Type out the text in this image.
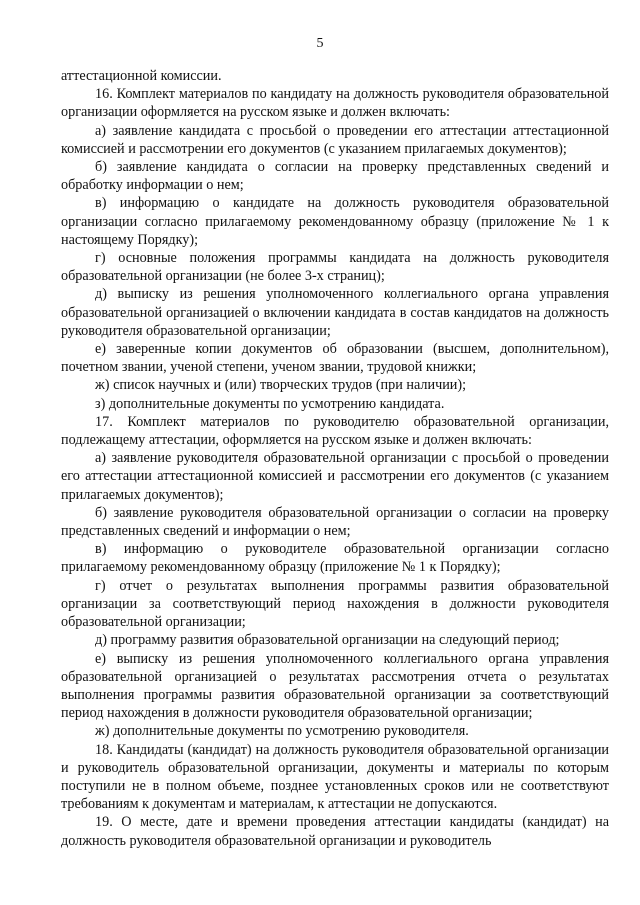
5

аттестационной комиссии.

16. Комплект материалов по кандидату на должность руководителя образовательной организации оформляется на русском языке и должен включать:

а) заявление кандидата с просьбой о проведении его аттестации аттестационной комиссией и рассмотрении его документов (с указанием прилагаемых документов);

б) заявление кандидата о согласии на проверку представленных сведений и обработку информации о нем;

в) информацию о кандидате на должность руководителя образовательной организации согласно прилагаемому рекомендованному образцу (приложение № 1 к настоящему Порядку);

г) основные положения программы кандидата на должность руководителя образовательной организации (не более 3-х страниц);

д) выписку из решения уполномоченного коллегиального органа управления образовательной организацией о включении кандидата в состав кандидатов на должность руководителя образовательной организации;

е) заверенные копии документов об образовании (высшем, дополнительном), почетном звании, ученой степени, ученом звании, трудовой книжки;

ж) список научных и (или) творческих трудов (при наличии);

з) дополнительные документы по усмотрению кандидата.

17. Комплект материалов по руководителю образовательной организации, подлежащему аттестации, оформляется на русском языке и должен включать:

а) заявление руководителя образовательной организации с просьбой о проведении его аттестации аттестационной комиссией и рассмотрении его документов (с указанием прилагаемых документов);

б) заявление руководителя образовательной организации о согласии на проверку представленных сведений и информации о нем;

в) информацию о руководителе образовательной организации согласно прилагаемому рекомендованному образцу (приложение № 1 к Порядку);

г) отчет о результатах выполнения программы развития образовательной организации за соответствующий период нахождения в должности руководителя образовательной организации;

д) программу развития образовательной организации на следующий период;

е) выписку из решения уполномоченного коллегиального органа управления образовательной организацией о результатах рассмотрения отчета о результатах выполнения программы развития образовательной организации за соответствующий период нахождения в должности руководителя образовательной организации;

ж) дополнительные документы по усмотрению руководителя.

18. Кандидаты (кандидат) на должность руководителя образовательной организации и руководитель образовательной организации, документы и материалы по которым поступили не в полном объеме, позднее установленных сроков или не соответствуют требованиям к документам и материалам, к аттестации не допускаются.

19. О месте, дате и времени проведения аттестации кандидаты (кандидат) на должность руководителя образовательной организации и руководитель
